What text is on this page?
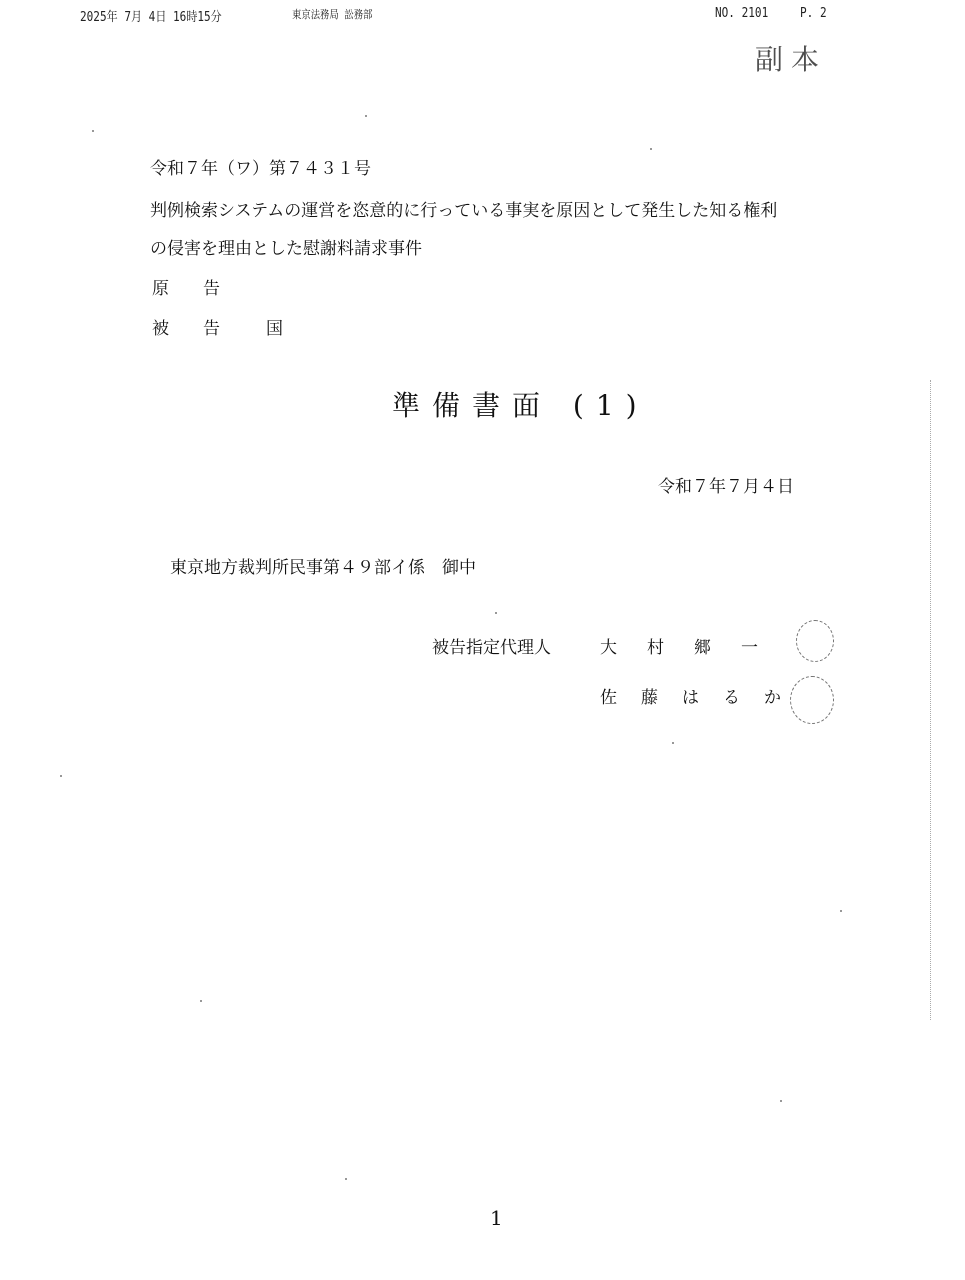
2025年 7月 4日 16時15分	東京法務局 訟務部	NO. 2101 P. 2
副本
令和７年（ワ）第７４３１号
判例検索システムの運営を恣意的に行っている事実を原因として発生した知る権利
の侵害を理由とした慰謝料請求事件
原告
被告 国
準備書面 (1)
令和７年７月４日
東京地方裁判所民事第４９部イ係　御中
被告指定代理人	大村郷一
佐藤はるか
1
